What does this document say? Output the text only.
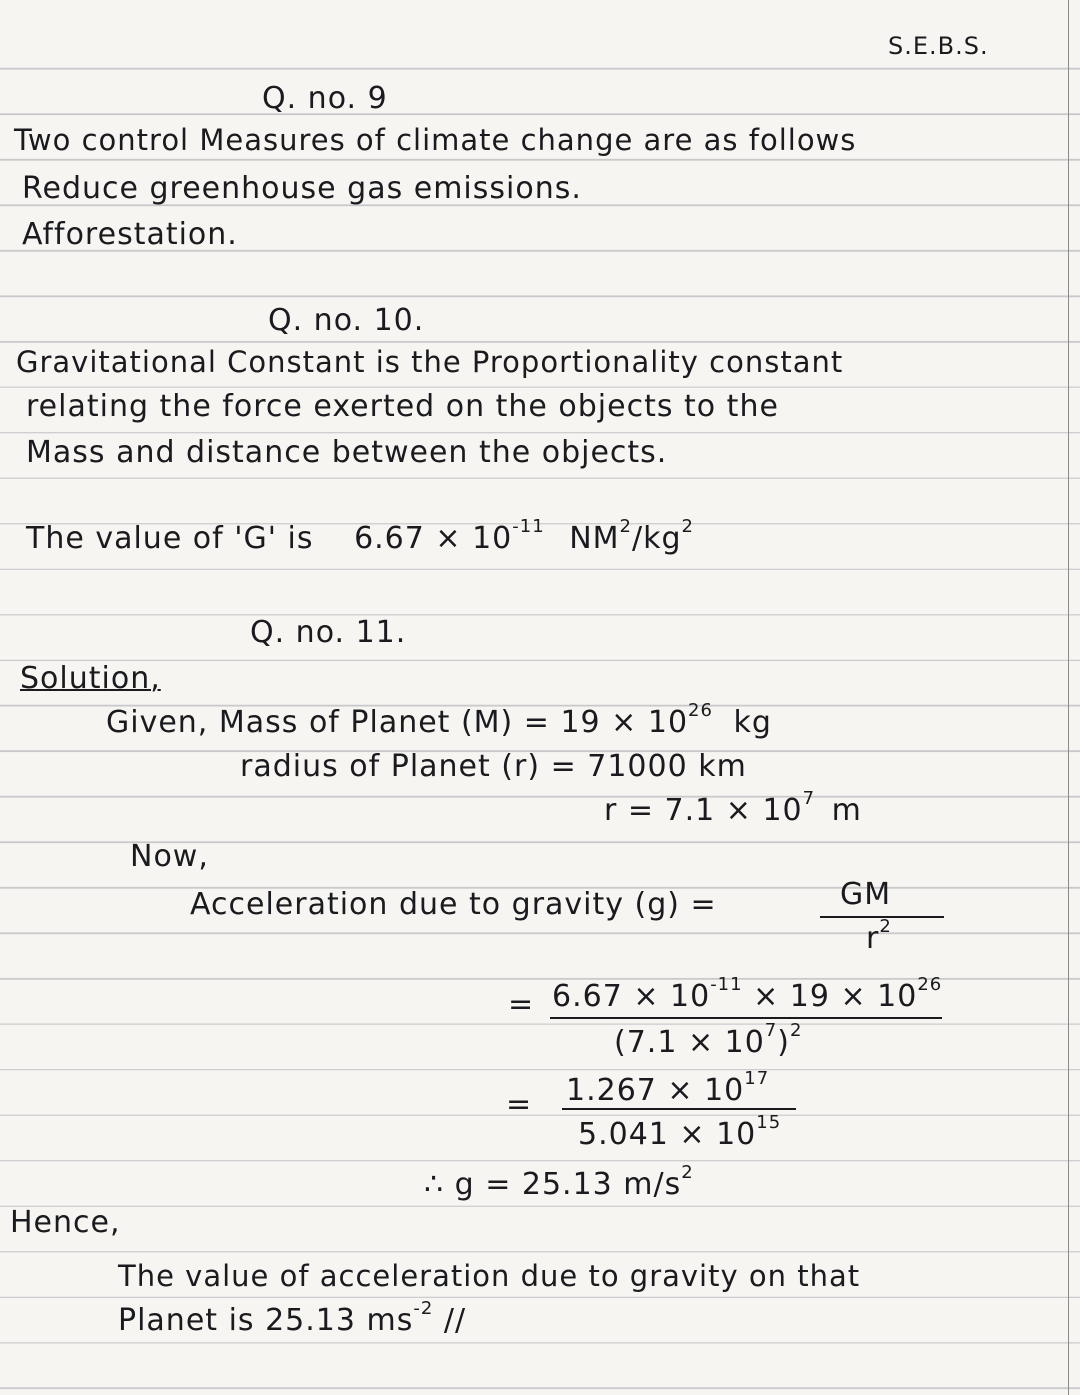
S.E.B.S.
Q. no. 9
Two control Measures of climate change are as follows
Reduce greenhouse gas emissions.
Afforestation.
Q. no. 10.
Gravitational Constant is the Proportionality constant
relating the force exerted on the objects to the
Mass and distance between the objects.
The value of 'G' is $6.67 \times 10^{-11}$ $NM^2/kg^2$
Q. no. 11.
Solution,
Given, Mass of Planet $(M) = 19 \times 10^{26}$ kg
radius of Planet (r) = 71000 km
$r = 7.1 \times 10^7$ m
Now,
Acceleration due to gravity (g) =	GM
$r^2$
= $6.67 \times 10^{-11} \times 19 \times 10^{26}$
$(7.1 \times 10^7)^2$
= $1.267 \times 10^{17}$
$5.041 \times 10^{15}$
∴ g = 25.13 $m/s^2$
Hence,
The value of acceleration due to gravity on that
Planet is 25.13 $ms^{-2}$ //
